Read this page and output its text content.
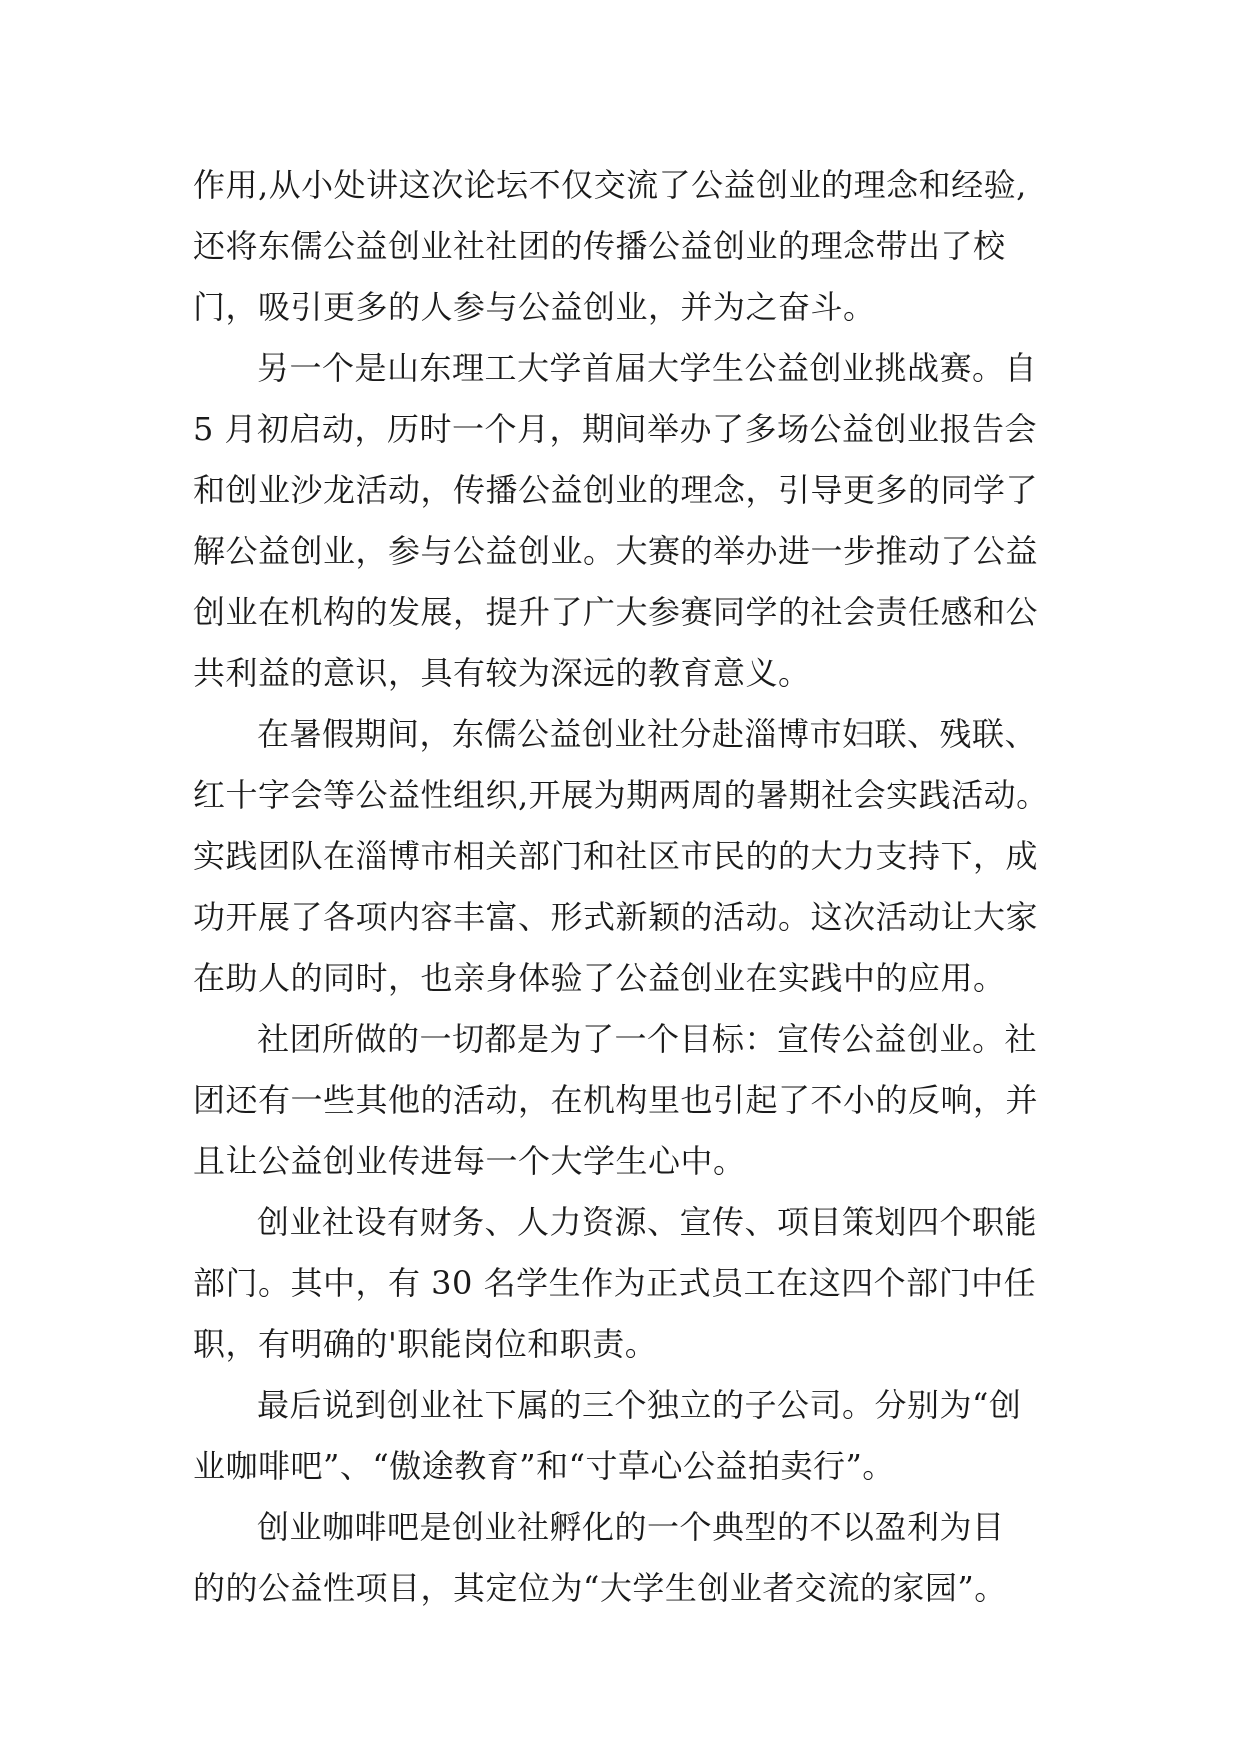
作用,从小处讲这次论坛不仅交流了公益创业的理念和经验,
还将东儒公益创业社社团的传播公益创业的理念带出了校
门，吸引更多的人参与公益创业，并为之奋斗。
另一个是山东理工大学首届大学生公益创业挑战赛。自
5 月初启动，历时一个月，期间举办了多场公益创业报告会
和创业沙龙活动，传播公益创业的理念，引导更多的同学了
解公益创业，参与公益创业。大赛的举办进一步推动了公益
创业在机构的发展，提升了广大参赛同学的社会责任感和公
共利益的意识，具有较为深远的教育意义。
在暑假期间，东儒公益创业社分赴淄博市妇联、残联、
红十字会等公益性组织,开展为期两周的暑期社会实践活动。
实践团队在淄博市相关部门和社区市民的的大力支持下，成
功开展了各项内容丰富、形式新颖的活动。这次活动让大家
在助人的同时，也亲身体验了公益创业在实践中的应用。
社团所做的一切都是为了一个目标：宣传公益创业。社
团还有一些其他的活动，在机构里也引起了不小的反响，并
且让公益创业传进每一个大学生心中。
创业社设有财务、人力资源、宣传、项目策划四个职能
部门。其中，有 30 名学生作为正式员工在这四个部门中任
职，有明确的'职能岗位和职责。
最后说到创业社下属的三个独立的子公司。分别为“创
业咖啡吧”、“傲途教育”和“寸草心公益拍卖行”。
创业咖啡吧是创业社孵化的一个典型的不以盈利为目
的的公益性项目，其定位为“大学生创业者交流的家园”。
